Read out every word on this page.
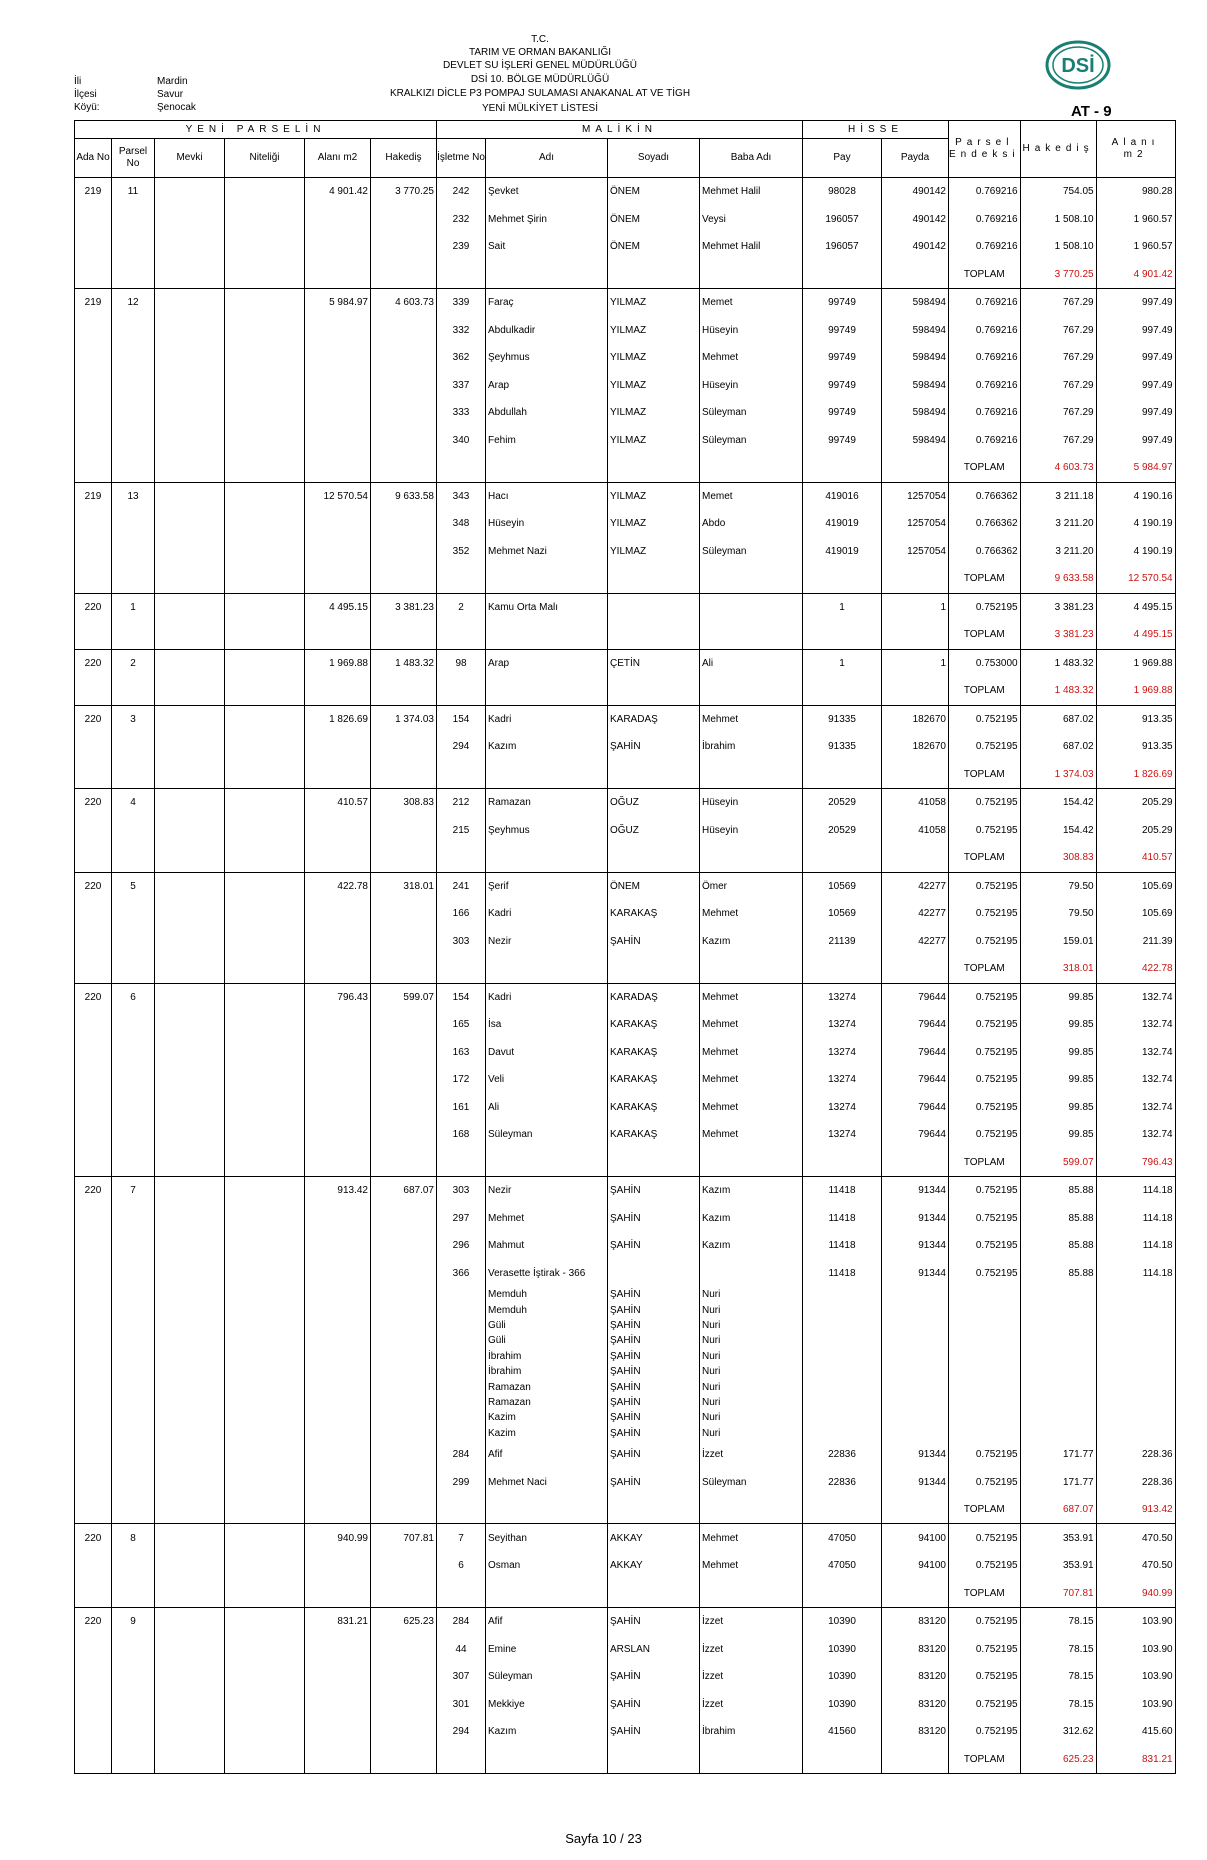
İli
İlçesi
Köyü:
Mardin
Savur
Şenocak
T.C.
TARIM VE ORMAN BAKANLIĞI
DEVLET SU İŞLERİ GENEL MÜDÜRLÜĞÜ
DSİ 10. BÖLGE MÜDÜRLÜĞÜ
KRALKIZI DİCLE P3 POMPAJ SULAMASI ANAKANAL AT VE TİGH
YENİ MÜLKİYET LİSTESİ
DSİ
AT - 9
YENİ PARSELİN						MALİKİN				HİSSE		Parsel Endeksi	Hakediş	Alanı m2
Ada No	Parsel No	Mevki	Niteliği	Alanı m2	Hakediş	İşletme No	Adı	Soyadı	Baba Adı	Pay	Payda			
219	11			4 901.42	3 770.25	242	Şevket	ÖNEM	Mehmet Halil	98028	490142	0.769216	754.05	980.28
						232	Mehmet Şirin	ÖNEM	Veysi	196057	490142	0.769216	1 508.10	1 960.57
						239	Sait	ÖNEM	Mehmet Halil	196057	490142	0.769216	1 508.10	1 960.57
												TOPLAM	3 770.25	4 901.42
219	12			5 984.97	4 603.73	339	Faraç	YILMAZ	Memet	99749	598494	0.769216	767.29	997.49
						332	Abdulkadir	YILMAZ	Hüseyin	99749	598494	0.769216	767.29	997.49
						362	Şeyhmus	YILMAZ	Mehmet	99749	598494	0.769216	767.29	997.49
						337	Arap	YILMAZ	Hüseyin	99749	598494	0.769216	767.29	997.49
						333	Abdullah	YILMAZ	Süleyman	99749	598494	0.769216	767.29	997.49
						340	Fehim	YILMAZ	Süleyman	99749	598494	0.769216	767.29	997.49
												TOPLAM	4 603.73	5 984.97
219	13			12 570.54	9 633.58	343	Hacı	YILMAZ	Memet	419016	1257054	0.766362	3 211.18	4 190.16
						348	Hüseyin	YILMAZ	Abdo	419019	1257054	0.766362	3 211.20	4 190.19
						352	Mehmet Nazi	YILMAZ	Süleyman	419019	1257054	0.766362	3 211.20	4 190.19
												TOPLAM	9 633.58	12 570.54
220	1			4 495.15	3 381.23	2	Kamu Orta Malı			1	1	0.752195	3 381.23	4 495.15
												TOPLAM	3 381.23	4 495.15
220	2			1 969.88	1 483.32	98	Arap	ÇETİN	Ali	1	1	0.753000	1 483.32	1 969.88
												TOPLAM	1 483.32	1 969.88
220	3			1 826.69	1 374.03	154	Kadri	KARADAŞ	Mehmet	91335	182670	0.752195	687.02	913.35
						294	Kazım	ŞAHİN	İbrahim	91335	182670	0.752195	687.02	913.35
												TOPLAM	1 374.03	1 826.69
220	4			410.57	308.83	212	Ramazan	OĞUZ	Hüseyin	20529	41058	0.752195	154.42	205.29
						215	Şeyhmus	OĞUZ	Hüseyin	20529	41058	0.752195	154.42	205.29
												TOPLAM	308.83	410.57
220	5			422.78	318.01	241	Şerif	ÖNEM	Ömer	10569	42277	0.752195	79.50	105.69
						166	Kadri	KARAKAŞ	Mehmet	10569	42277	0.752195	79.50	105.69
						303	Nezir	ŞAHİN	Kazım	21139	42277	0.752195	159.01	211.39
												TOPLAM	318.01	422.78
220	6			796.43	599.07	154	Kadri	KARADAŞ	Mehmet	13274	79644	0.752195	99.85	132.74
						165	İsa	KARAKAŞ	Mehmet	13274	79644	0.752195	99.85	132.74
						163	Davut	KARAKAŞ	Mehmet	13274	79644	0.752195	99.85	132.74
						172	Veli	KARAKAŞ	Mehmet	13274	79644	0.752195	99.85	132.74
						161	Ali	KARAKAŞ	Mehmet	13274	79644	0.752195	99.85	132.74
						168	Süleyman	KARAKAŞ	Mehmet	13274	79644	0.752195	99.85	132.74
												TOPLAM	599.07	796.43
220	7			913.42	687.07	303	Nezir	ŞAHİN	Kazım	11418	91344	0.752195	85.88	114.18
						297	Mehmet	ŞAHİN	Kazım	11418	91344	0.752195	85.88	114.18
						296	Mahmut	ŞAHİN	Kazım	11418	91344	0.752195	85.88	114.18
						366	Verasette İştirak - 366			11418	91344	0.752195	85.88	114.18
							Memduh	ŞAHİN	Nuri					
							Memduh	ŞAHİN	Nuri					
							Güli	ŞAHİN	Nuri					
							Güli	ŞAHİN	Nuri					
							İbrahim	ŞAHİN	Nuri					
							İbrahim	ŞAHİN	Nuri					
							Ramazan	ŞAHİN	Nuri					
							Ramazan	ŞAHİN	Nuri					
							Kazim	ŞAHİN	Nuri					
							Kazim	ŞAHİN	Nuri					
						284	Afif	ŞAHİN	İzzet	22836	91344	0.752195	171.77	228.36
						299	Mehmet Naci	ŞAHİN	Süleyman	22836	91344	0.752195	171.77	228.36
												TOPLAM	687.07	913.42
220	8			940.99	707.81	7	Seyithan	AKKAY	Mehmet	47050	94100	0.752195	353.91	470.50
						6	Osman	AKKAY	Mehmet	47050	94100	0.752195	353.91	470.50
												TOPLAM	707.81	940.99
220	9			831.21	625.23	284	Afif	ŞAHİN	İzzet	10390	83120	0.752195	78.15	103.90
						44	Emine	ARSLAN	İzzet	10390	83120	0.752195	78.15	103.90
						307	Süleyman	ŞAHİN	İzzet	10390	83120	0.752195	78.15	103.90
						301	Mekkiye	ŞAHİN	İzzet	10390	83120	0.752195	78.15	103.90
						294	Kazım	ŞAHİN	İbrahim	41560	83120	0.752195	312.62	415.60
												TOPLAM	625.23	831.21
Sayfa 10 / 23
